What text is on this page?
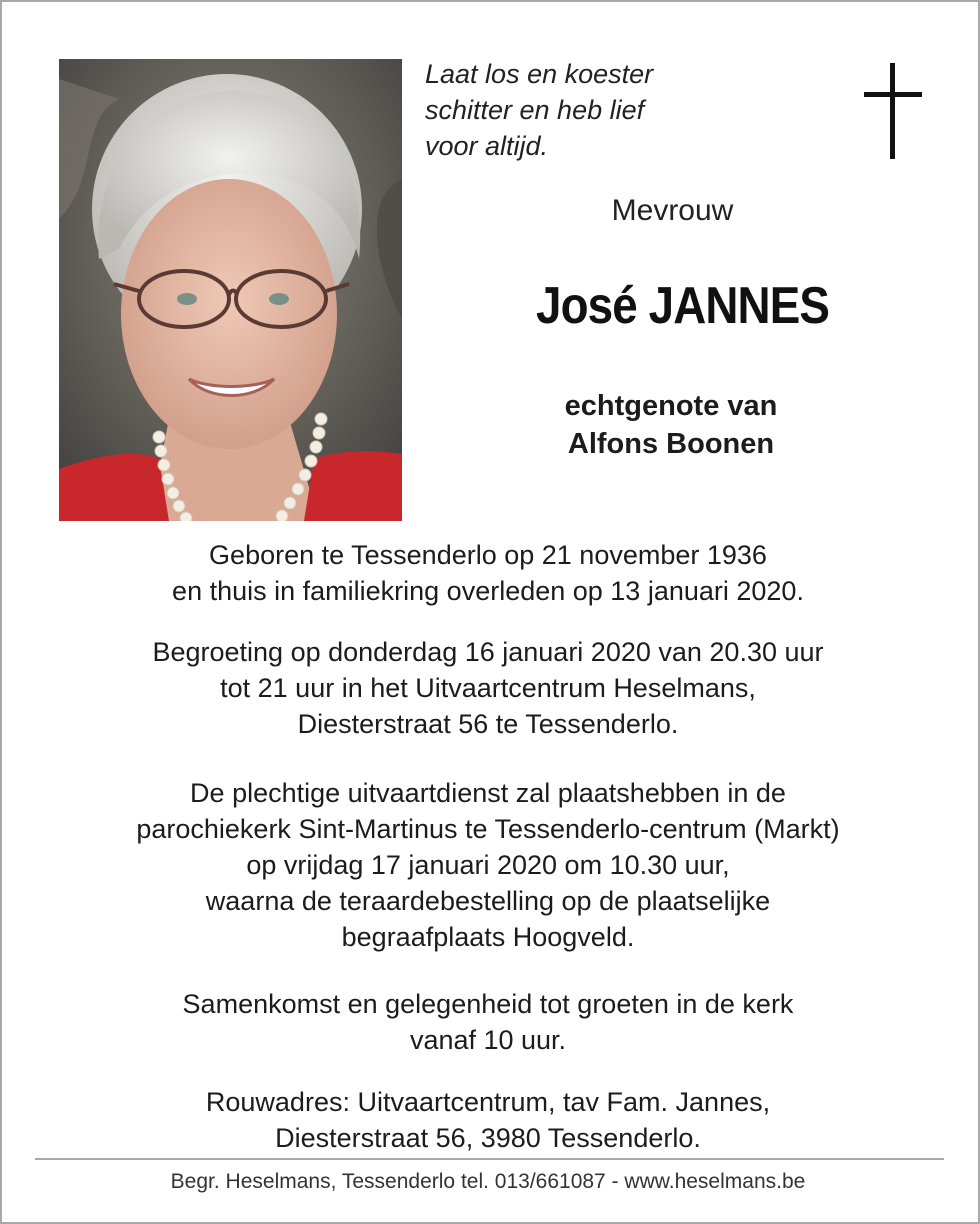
Laat los en koester
schitter en heb lief
voor altijd.
Mevrouw
José JANNES
echtgenote van
Alfons Boonen
Geboren te Tessenderlo op 21 november 1936
en thuis in familiekring overleden op 13 januari 2020.
Begroeting op donderdag 16 januari 2020 van 20.30 uur
tot 21 uur in het Uitvaartcentrum Heselmans,
Diesterstraat 56 te Tessenderlo.
De plechtige uitvaartdienst zal plaatshebben in de
parochiekerk Sint-Martinus te Tessenderlo-centrum (Markt)
op vrijdag 17 januari 2020 om 10.30 uur,
waarna de teraardebestelling op de plaatselijke
begraafplaats Hoogveld.
Samenkomst en gelegenheid tot groeten in de kerk
vanaf 10 uur.
Rouwadres: Uitvaartcentrum, tav Fam. Jannes,
Diesterstraat 56, 3980 Tessenderlo.
Begr. Heselmans, Tessenderlo tel. 013/661087 - www.heselmans.be
